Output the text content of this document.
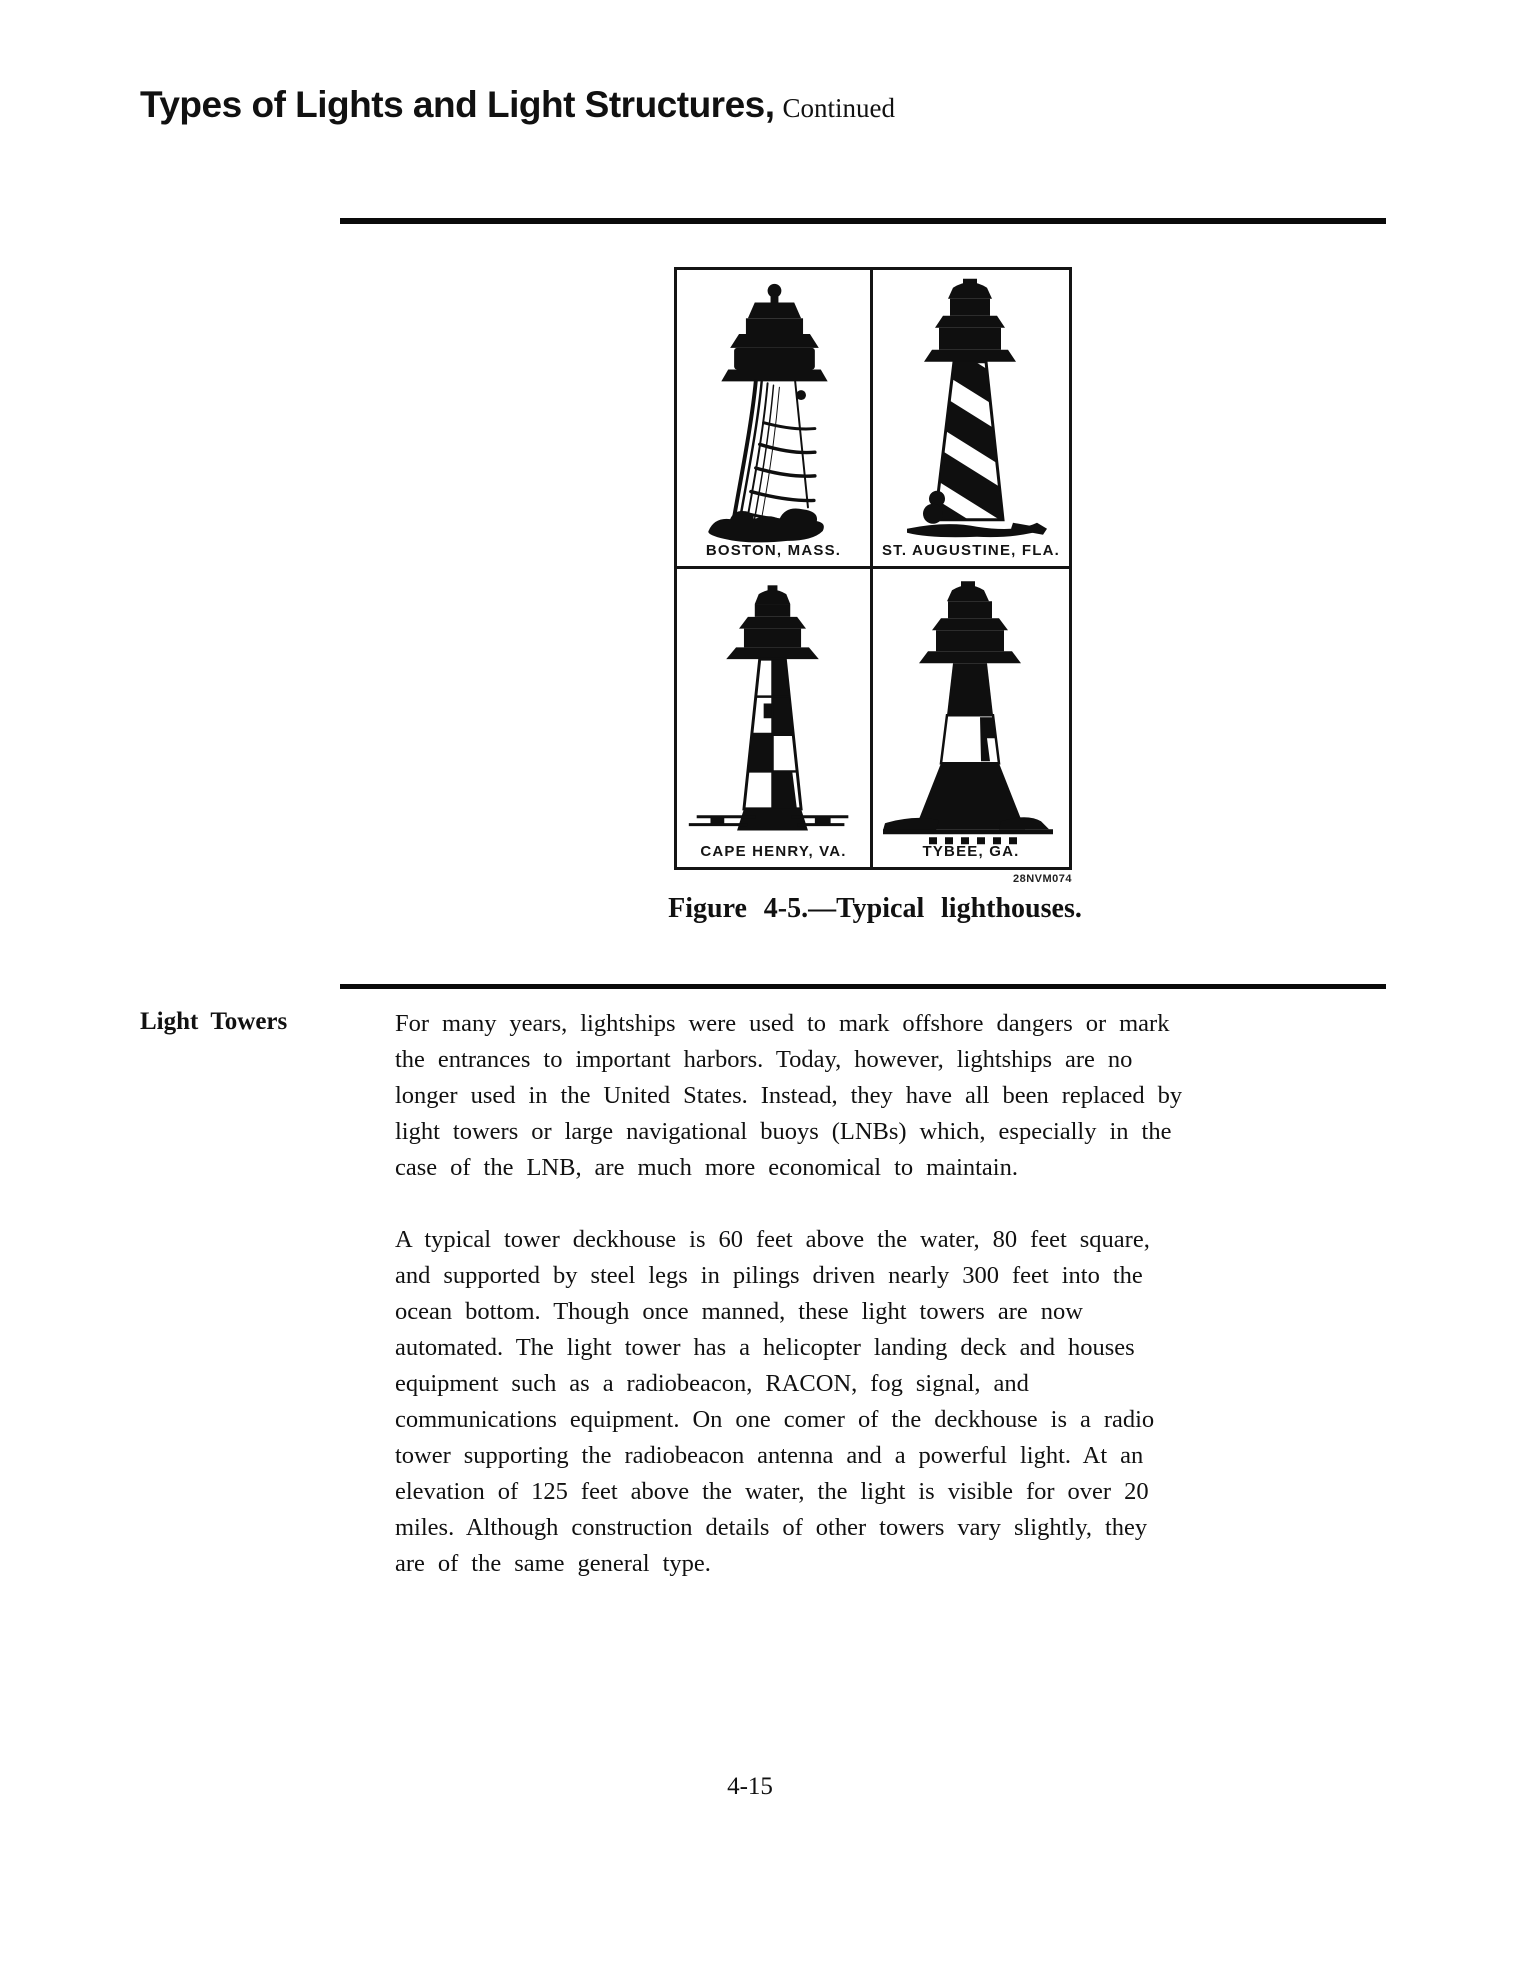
Types of Lights and Light Structures, Continued
BOSTON, MASS.	ST. AUGUSTINE, FLA.
CAPE HENRY, VA.	TYBEE, GA.
28NVM074
Figure 4-5.—Typical lighthouses.
Light Towers	For many years, lightships were used to mark offshore dangers or mark
the entrances to important harbors. Today, however, lightships are no
longer used in the United States. Instead, they have all been replaced by
light towers or large navigational buoys (LNBs) which, especially in the
case of the LNB, are much more economical to maintain.
A typical tower deckhouse is 60 feet above the water, 80 feet square,
and supported by steel legs in pilings driven nearly 300 feet into the
ocean bottom. Though once manned, these light towers are now
automated. The light tower has a helicopter landing deck and houses
equipment such as a radiobeacon, RACON, fog signal, and
communications equipment. On one comer of the deckhouse is a radio
tower supporting the radiobeacon antenna and a powerful light. At an
elevation of 125 feet above the water, the light is visible for over 20
miles. Although construction details of other towers vary slightly, they
are of the same general type.
4-15
